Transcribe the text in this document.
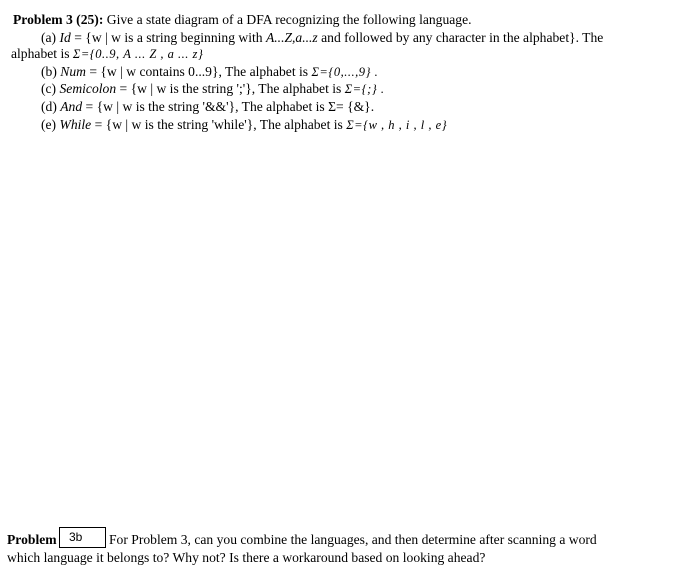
Problem 3 (25): Give a state diagram of a DFA recognizing the following language.
(a) Id = {w | w is a string beginning with A...Z,a...z and followed by any character in the alphabet}. The
alphabet is Σ={0..9, A ... Z , a ... z}
(b) Num = {w | w contains 0...9}, The alphabet is Σ={0,...,9} .
(c) Semicolon = {w | w is the string ';'}, The alphabet is Σ={;} .
(d) And = {w | w is the string '&&'}, The alphabet is Σ= {&}.
(e) While = {w | w is the string 'while'}, The alphabet is Σ={w , h , i , l , e}
Problem	3b	For Problem 3, can you combine the languages, and then determine after scanning a word
which language it belongs to? Why not? Is there a workaround based on looking ahead?
